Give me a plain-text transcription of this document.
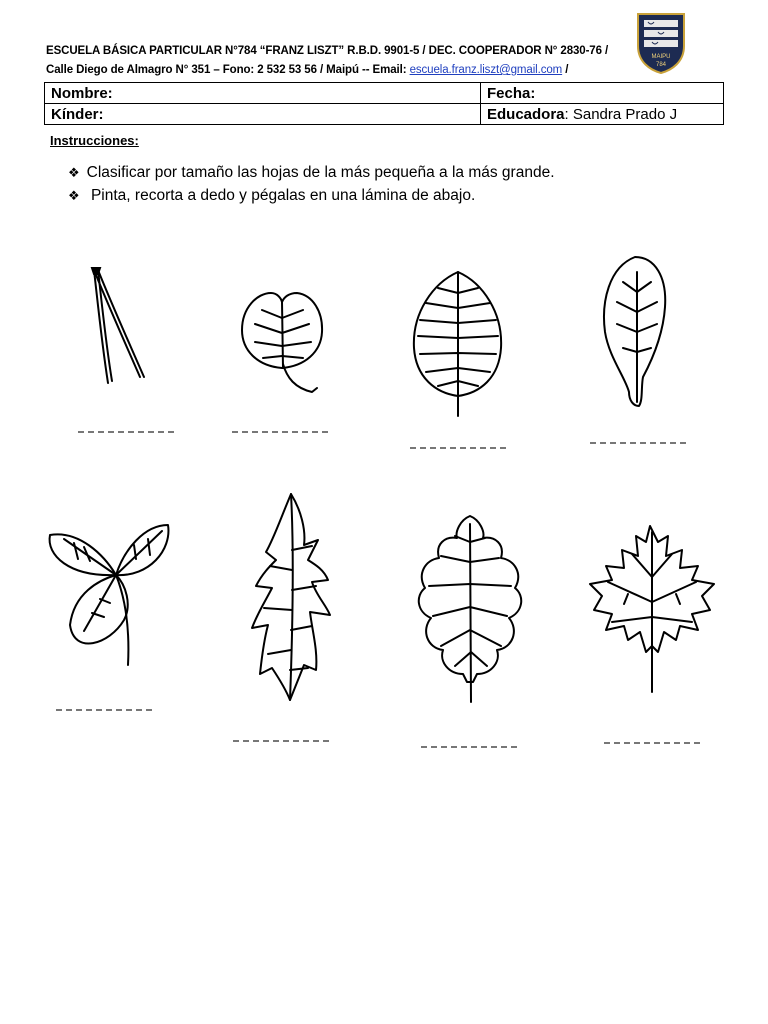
ESCUELA BÁSICA PARTICULAR N°784 “FRANZ LISZT” R.B.D. 9901-5 / DEC. COOPERADOR N° 2830-76 /
Calle Diego de Almagro N° 351 – Fono: 2 532 53 56 / Maipú -- Email: escuela.franz.liszt@gmail.com /
MAIPU
784
Nombre:	Fecha:
Kínder:	Educadora: Sandra Prado J
Instrucciones:
❖ Clasificar por tamaño las hojas de la más pequeña a la más grande.
❖ Pinta, recorta a dedo y pégalas en una lámina de abajo.
